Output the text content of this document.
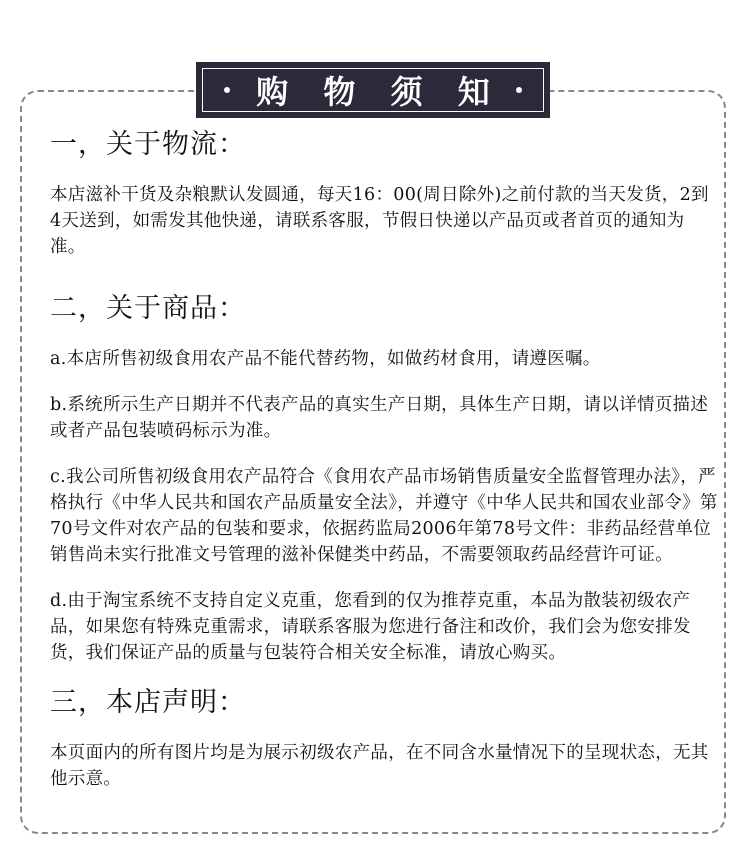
购 物 须 知
一，关于物流：

本店滋补干货及杂粮默认发圆通，每天16：00(周日除外)之前付款的当天发货，2到4天送到，如需发其他快递，请联系客服，节假日快递以产品页或者首页的通知为准。

二，关于商品：

a.本店所售初级食用农产品不能代替药物，如做药材食用，请遵医嘱。

b.系统所示生产日期并不代表产品的真实生产日期，具体生产日期，请以详情页描述或者产品包装喷码标示为准。

c.我公司所售初级食用农产品符合《食用农产品市场销售质量安全监督管理办法》，严格执行《中华人民共和国农产品质量安全法》，并遵守《中华人民共和国农业部令》第70号文件对农产品的包装和要求，依据药监局2006年第78号文件：非药品经营单位销售尚未实行批准文号管理的滋补保健类中药品，不需要领取药品经营许可证。

d.由于淘宝系统不支持自定义克重，您看到的仅为推荐克重，本品为散装初级农产品，如果您有特殊克重需求，请联系客服为您进行备注和改价，我们会为您安排发货，我们保证产品的质量与包装符合相关安全标准，请放心购买。

三，本店声明：

本页面内的所有图片均是为展示初级农产品，在不同含水量情况下的呈现状态，无其他示意。
